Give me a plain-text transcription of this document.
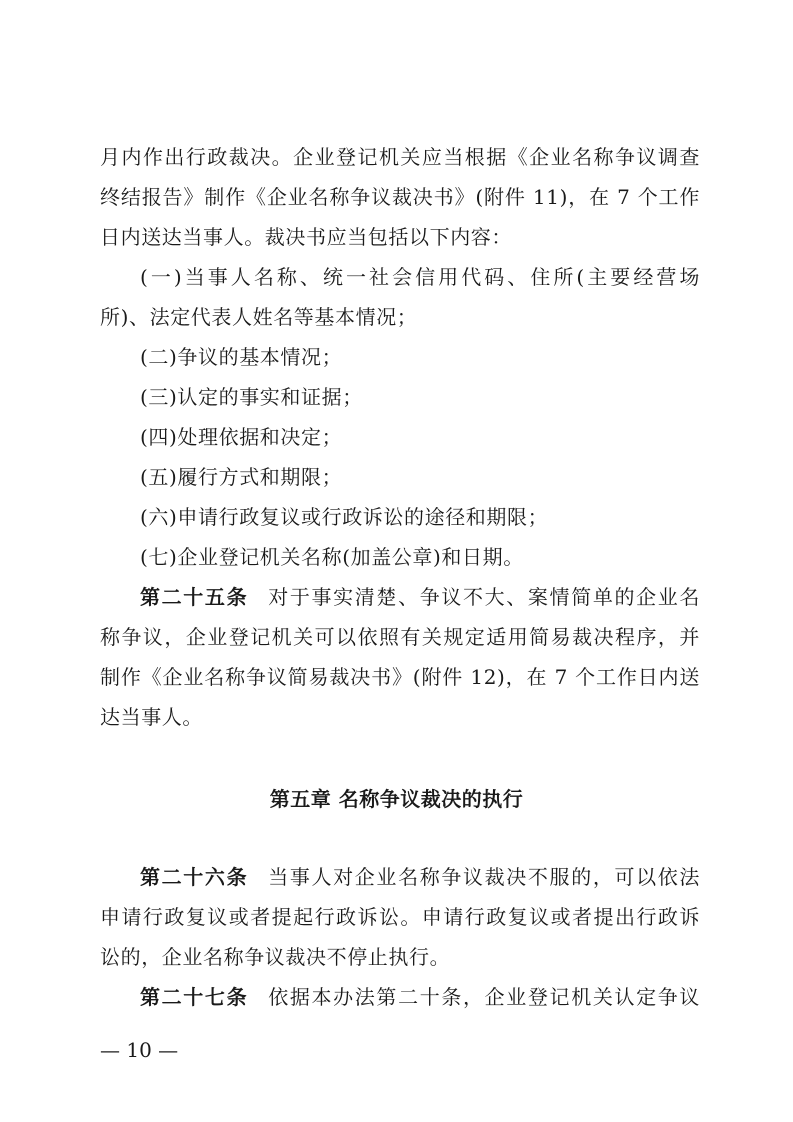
月内作出行政裁决。企业登记机关应当根据《企业名称争议调查
终结报告》制作《企业名称争议裁决书》(附件 11)，在 7 个工作
日内送达当事人。裁决书应当包括以下内容：
(一)当事人名称、统一社会信用代码、住所(主要经营场
所)、法定代表人姓名等基本情况；
(二)争议的基本情况；
(三)认定的事实和证据；
(四)处理依据和决定；
(五)履行方式和期限；
(六)申请行政复议或行政诉讼的途径和期限；
(七)企业登记机关名称(加盖公章)和日期。
第二十五条 对于事实清楚、争议不大、案情简单的企业名
称争议，企业登记机关可以依照有关规定适用简易裁决程序，并
制作《企业名称争议简易裁决书》(附件 12)，在 7 个工作日内送
达当事人。
第二十六条 当事人对企业名称争议裁决不服的，可以依法
申请行政复议或者提起行政诉讼。申请行政复议或者提出行政诉
讼的，企业名称争议裁决不停止执行。
第二十七条 依据本办法第二十条，企业登记机关认定争议
第五章 名称争议裁决的执行
— 10 —
